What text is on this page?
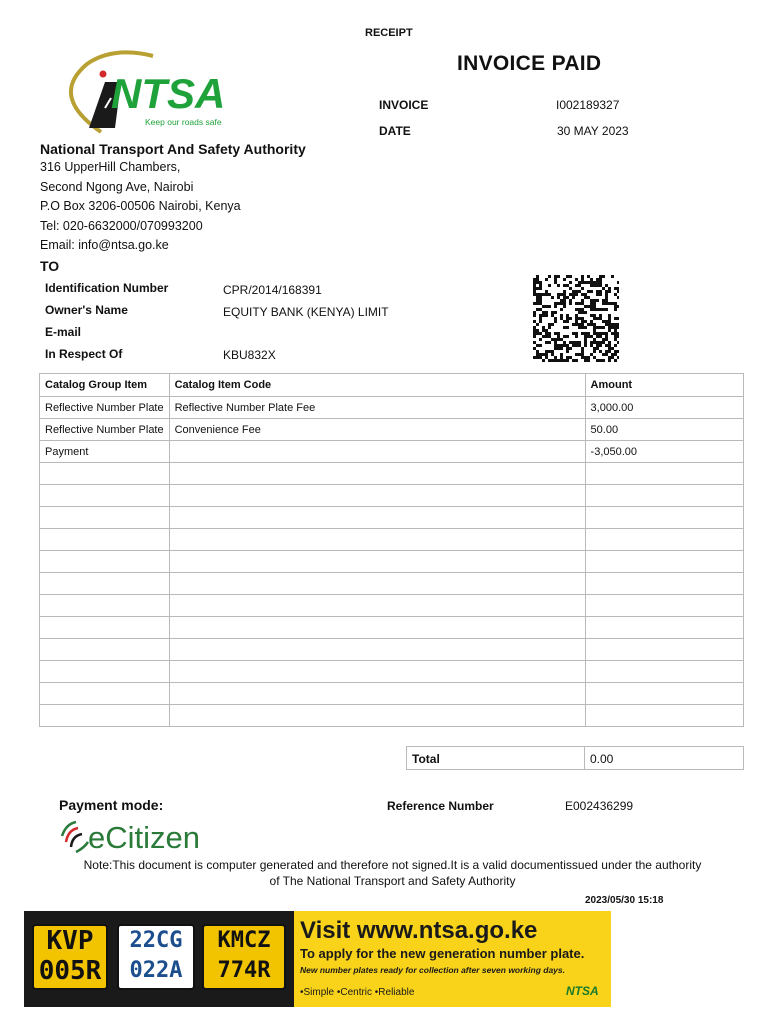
RECEIPT
INVOICE PAID
INVOICE	I002189327
DATE	30 MAY 2023
NTSA
Keep our roads safe
National Transport And Safety Authority
316 UpperHill Chambers,
Second Ngong Ave, Nairobi
P.O Box 3206-00506 Nairobi, Kenya
Tel: 020-6632000/070993200
Email: info@ntsa.go.ke
TO
Identification Number	CPR/2014/168391
Owner's Name	EQUITY BANK (KENYA) LIMIT
E-mail
In Respect Of	KBU832X
Catalog Group Item	Catalog Item Code	Amount
Reflective Number Plate	Reflective Number Plate Fee	3,000.00
Reflective Number Plate	Convenience Fee	50.00
Payment		-3,050.00

Total	0.00
Payment mode:	Reference Number	E002436299
eCitizen
Note:This document is computer generated and therefore not signed.It is a valid documentissued under the authority
of The National Transport and Safety Authority
2023/05/30 15:18
KVP
005R
22CG
022A
KMCZ
774R
Visit www.ntsa.go.ke
To apply for the new generation number plate.
New number plates ready for collection after seven working days.
•Simple •Centric •Reliable	NTSA
